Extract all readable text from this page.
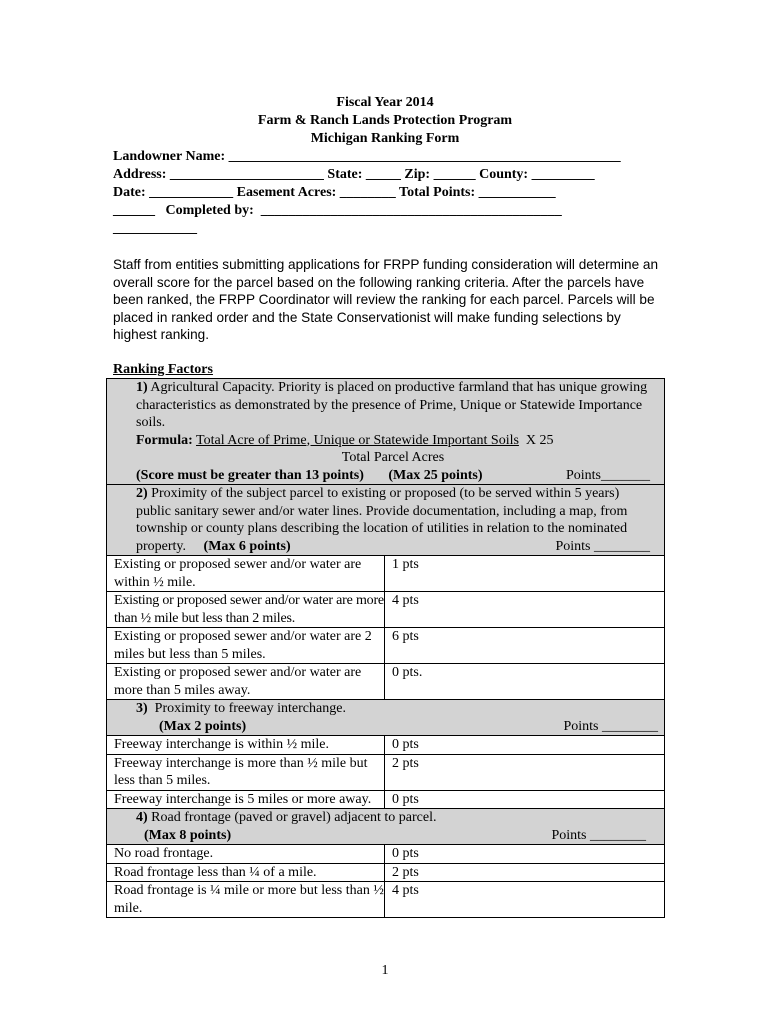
Fiscal Year 2014
Farm & Ranch Lands Protection Program
Michigan Ranking Form
Landowner Name: ________________________________________________________
Address: ______________________ State: _____ Zip: ______ County: _________
Date: ____________ Easement Acres: ________ Total Points: ___________
______ Completed by: ___________________________________________
____________
Staff from entities submitting applications for FRPP funding consideration will determine an overall score for the parcel based on the following ranking criteria. After the parcels have been ranked, the FRPP Coordinator will review the ranking for each parcel. Parcels will be placed in ranked order and the State Conservationist will make funding selections by highest ranking.
Ranking Factors
1) Agricultural Capacity. Priority is placed on productive farmland that has unique growing characteristics as demonstrated by the presence of Prime, Unique or Statewide Importance soils.
Formula: Total Acre of Prime, Unique or Statewide Important Soils X 25
Total Parcel Acres
(Score must be greater than 13 points) (Max 25 points) Points_______	

2) Proximity of the subject parcel to existing or proposed (to be served within 5 years) public sanitary sewer and/or water lines. Provide documentation, including a map, from township or county plans describing the location of utilities in relation to the nominated property. (Max 6 points) Points ________	

Existing or proposed sewer and/or water are within ½ mile.	1 pts
Existing or proposed sewer and/or water are more than ½ mile but less than 2 miles.	4 pts
Existing or proposed sewer and/or water are 2 miles but less than 5 miles.	6 pts
Existing or proposed sewer and/or water are more than 5 miles away.	0 pts.

3) Proximity to freeway interchange.
(Max 2 points) Points ________	

Freeway interchange is within ½ mile.	0 pts
Freeway interchange is more than ½ mile but less than 5 miles.	2 pts
Freeway interchange is 5 miles or more away.	0 pts

4) Road frontage (paved or gravel) adjacent to parcel.
(Max 8 points) Points ________	

No road frontage.	0 pts
Road frontage less than ¼ of a mile.	2 pts
Road frontage is ¼ mile or more but less than ½ mile.	4 pts
1
